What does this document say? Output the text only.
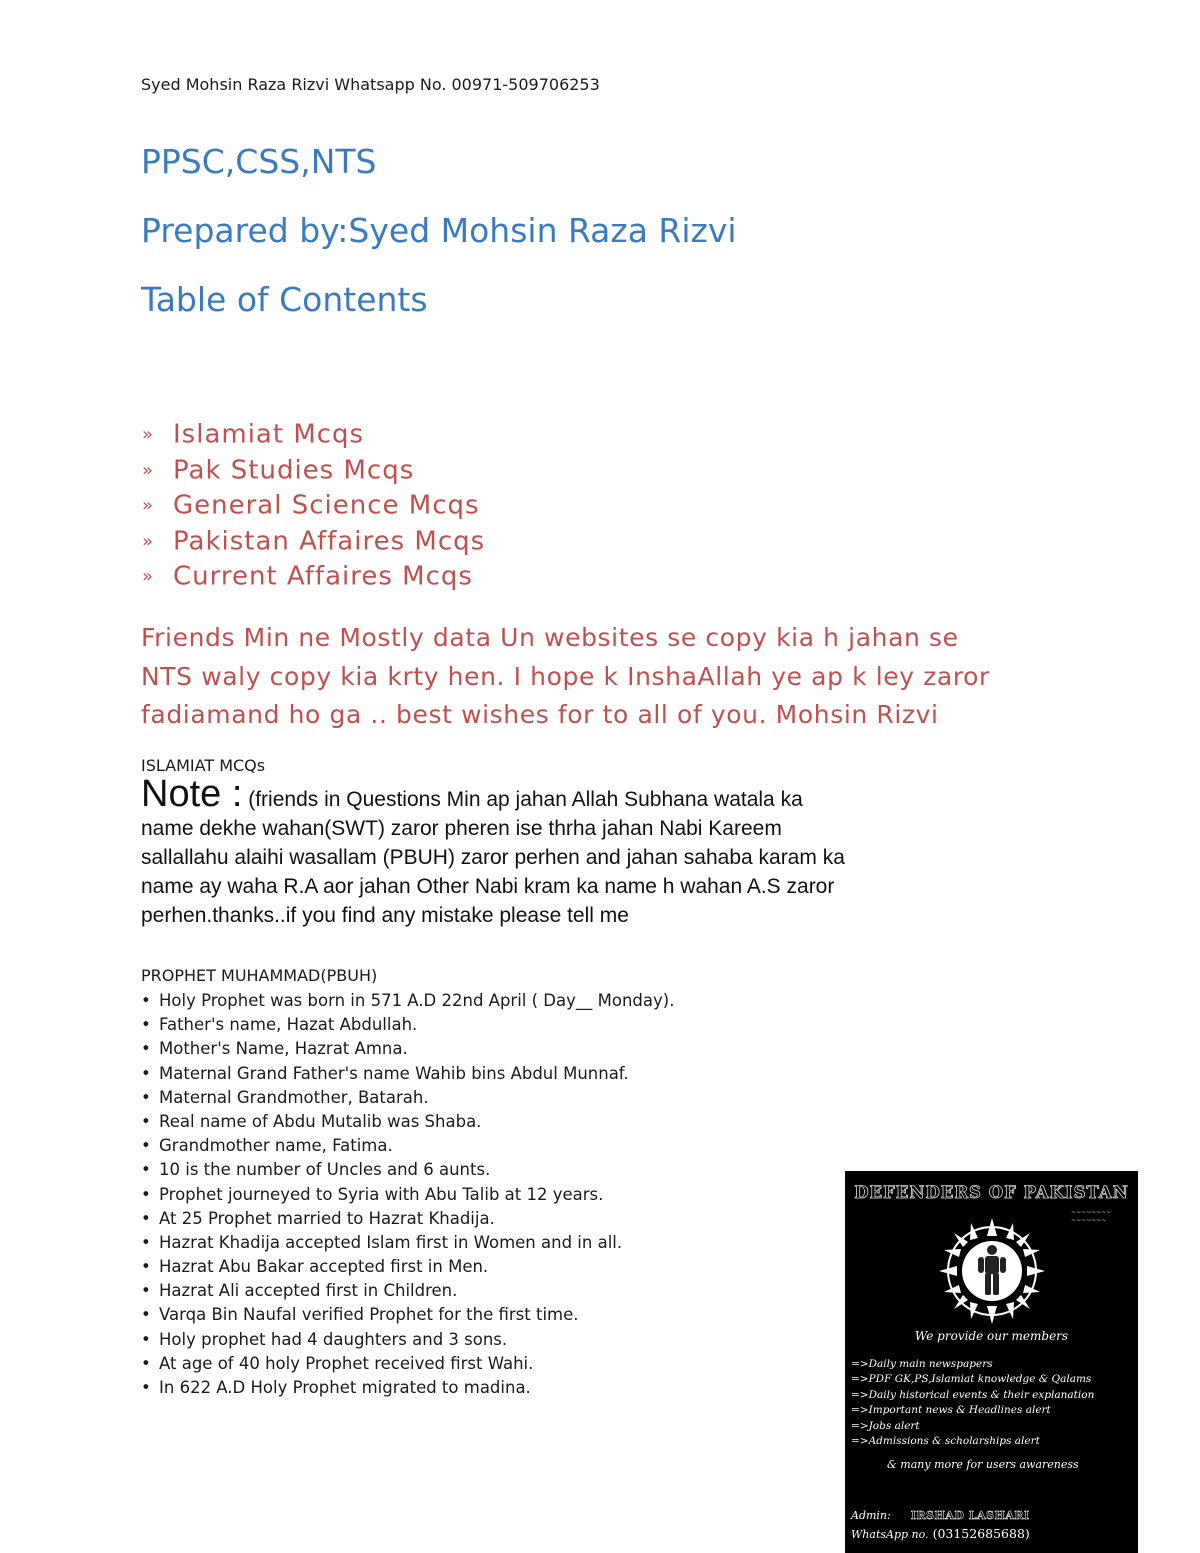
Syed Mohsin Raza Rizvi Whatsapp No. 00971-509706253
PPSC,CSS,NTS
Prepared by:Syed Mohsin Raza Rizvi
Table of Contents
» Islamiat Mcqs
» Pak Studies Mcqs
» General Science Mcqs
» Pakistan Affaires Mcqs
» Current Affaires Mcqs
Friends Min ne Mostly data Un websites se copy kia h jahan se
NTS waly copy kia krty hen. I hope k InshaAllah ye ap k ley zaror
fadiamand ho ga .. best wishes for to all of you. Mohsin Rizvi
ISLAMIAT MCQs
Note : (friends in Questions Min ap jahan Allah Subhana watala ka
name dekhe wahan(SWT) zaror pheren ise thrha jahan Nabi Kareem
sallallahu alaihi wasallam (PBUH) zaror perhen and jahan sahaba karam ka
name ay waha R.A aor jahan Other Nabi kram ka name h wahan A.S zaror
perhen.thanks..if you find any mistake please tell me
PROPHET MUHAMMAD(PBUH)
• Holy Prophet was born in 571 A.D 22nd April ( Day__ Monday).
• Father's name, Hazat Abdullah.
• Mother's Name, Hazrat Amna.
• Maternal Grand Father's name Wahib bins Abdul Munnaf.
• Maternal Grandmother, Batarah.
• Real name of Abdu Mutalib was Shaba.
• Grandmother name, Fatima.
• 10 is the number of Uncles and 6 aunts.
• Prophet journeyed to Syria with Abu Talib at 12 years.
• At 25 Prophet married to Hazrat Khadija.
• Hazrat Khadija accepted Islam first in Women and in all.
• Hazrat Abu Bakar accepted first in Men.
• Hazrat Ali accepted first in Children.
• Varqa Bin Naufal verified Prophet for the first time.
• Holy prophet had 4 daughters and 3 sons.
• At age of 40 holy Prophet received first Wahi.
• In 622 A.D Holy Prophet migrated to madina.
DEFENDERS OF PAKISTAN
~~~~~~~~
~~~~~~~
We provide our members
=>Daily main newspapers
=>PDF GK,PS,Islamiat knowledge & Qalams
=>Daily historical events & their explanation
=>Important news & Headlines alert
=>Jobs alert
=>Admissions & scholarships alert
& many more for users awareness
Admin: IRSHAD LASHARI
WhatsApp no. (03152685688)
